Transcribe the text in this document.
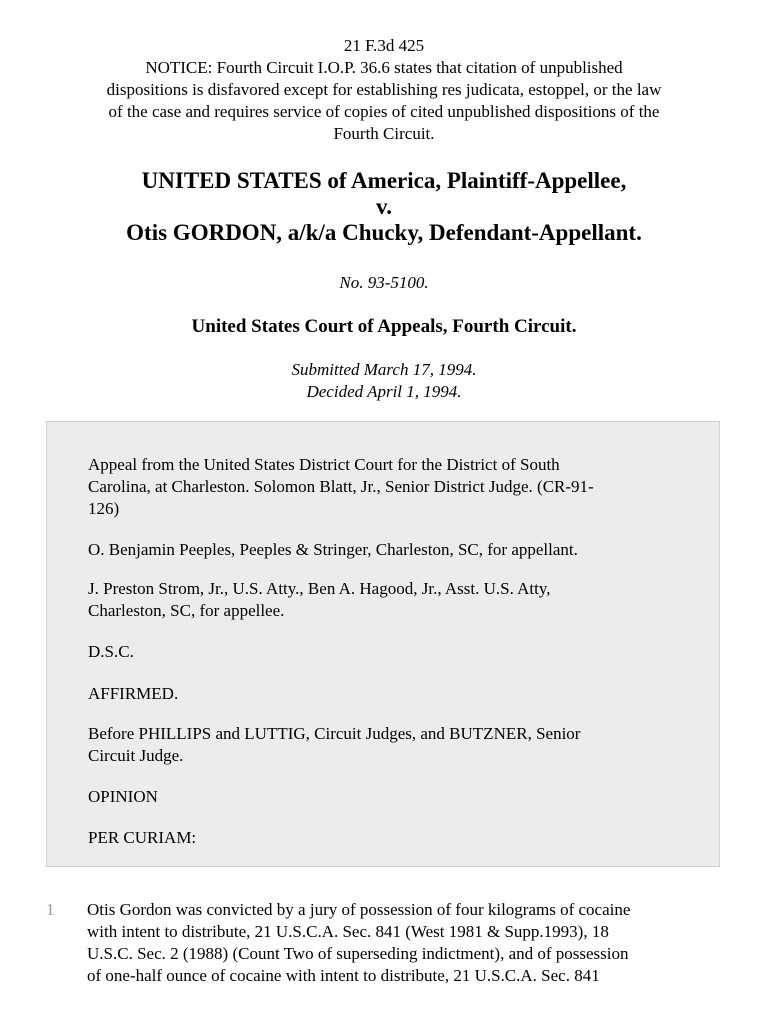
21 F.3d 425
NOTICE: Fourth Circuit I.O.P. 36.6 states that citation of unpublished
dispositions is disfavored except for establishing res judicata, estoppel, or the law
of the case and requires service of copies of cited unpublished dispositions of the
Fourth Circuit.
UNITED STATES of America, Plaintiff-Appellee,
v.
Otis GORDON, a/k/a Chucky, Defendant-Appellant.
No. 93-5100.
United States Court of Appeals, Fourth Circuit.
Submitted March 17, 1994.
Decided April 1, 1994.

Appeal from the United States District Court for the District of South
Carolina, at Charleston. Solomon Blatt, Jr., Senior District Judge. (CR-91-
126)

O. Benjamin Peeples, Peeples & Stringer, Charleston, SC, for appellant.

J. Preston Strom, Jr., U.S. Atty., Ben A. Hagood, Jr., Asst. U.S. Atty,
Charleston, SC, for appellee.

D.S.C.

AFFIRMED.

Before PHILLIPS and LUTTIG, Circuit Judges, and BUTZNER, Senior
Circuit Judge.

OPINION

PER CURIAM:

1 Otis Gordon was convicted by a jury of possession of four kilograms of cocaine
with intent to distribute, 21 U.S.C.A. Sec. 841 (West 1981 & Supp.1993), 18
U.S.C. Sec. 2 (1988) (Count Two of superseding indictment), and of possession
of one-half ounce of cocaine with intent to distribute, 21 U.S.C.A. Sec. 841
